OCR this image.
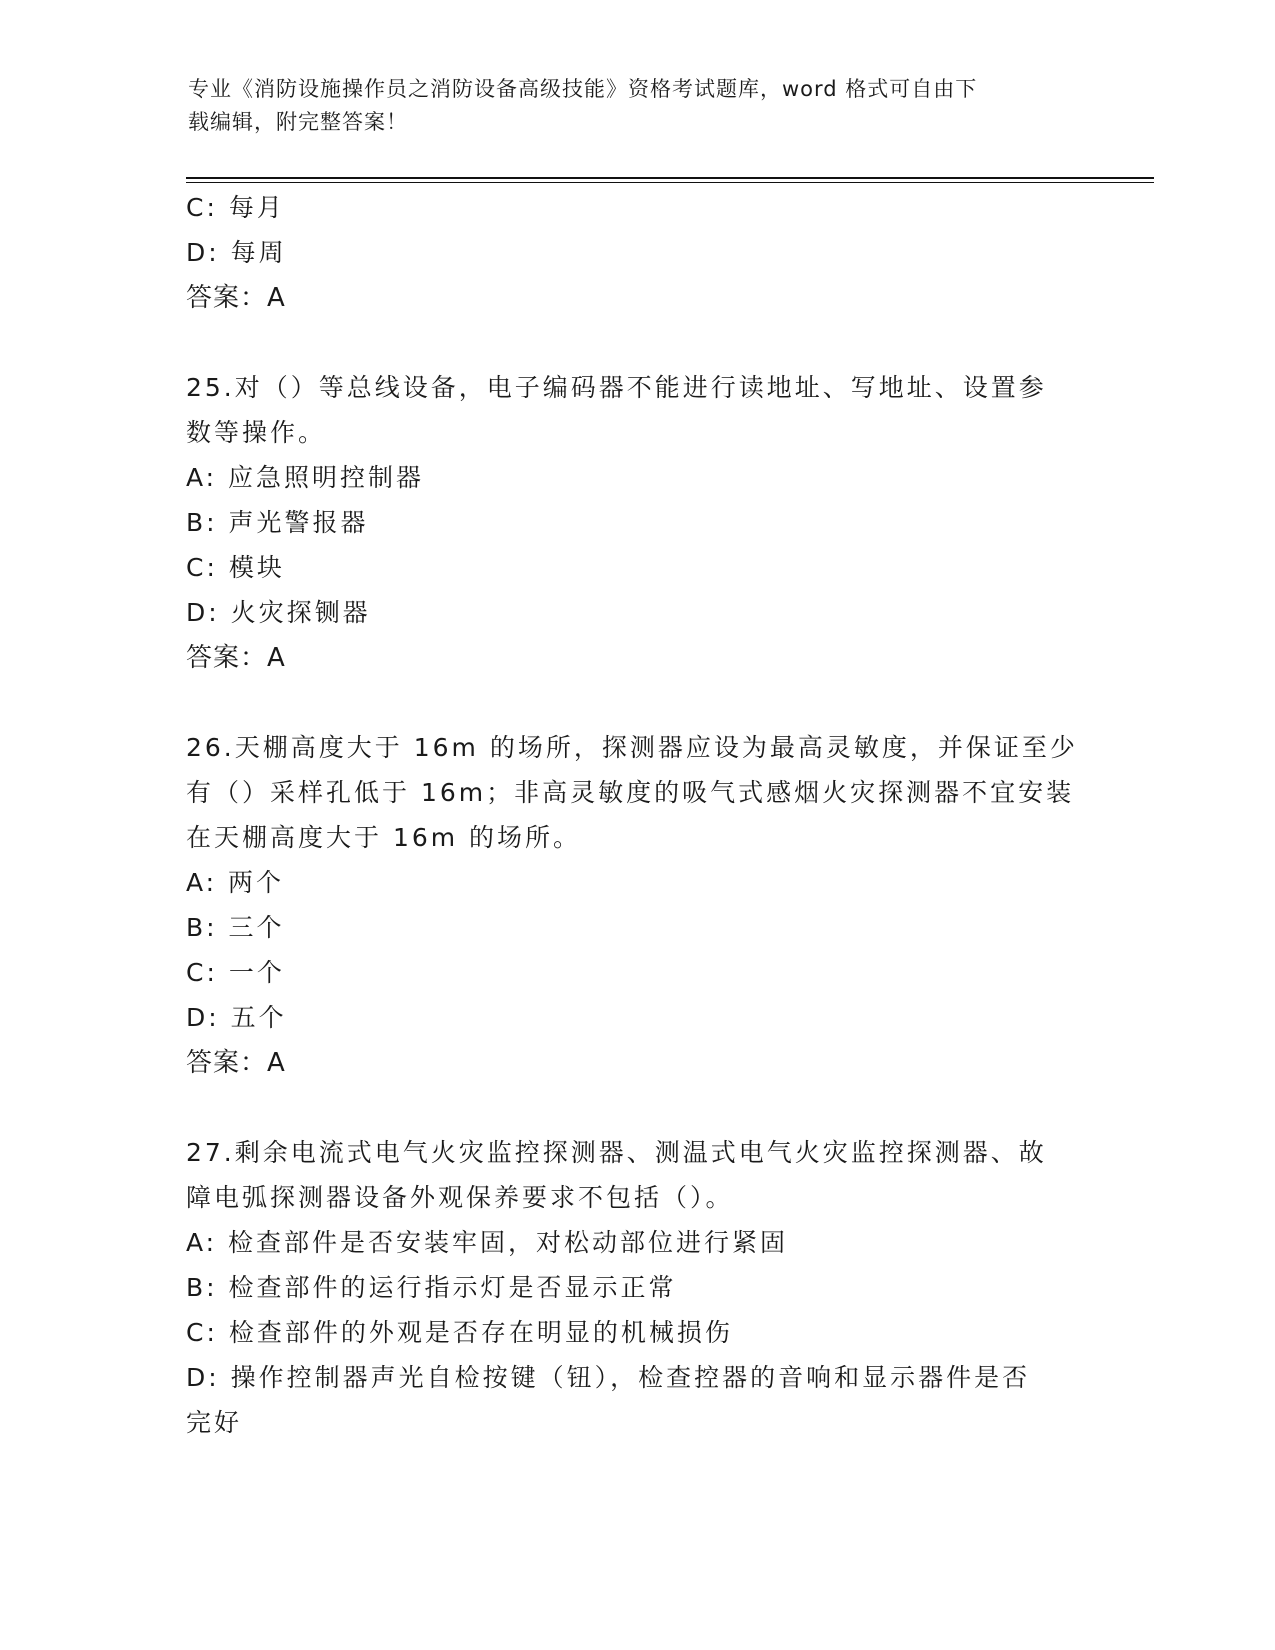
专业《消防设施操作员之消防设备高级技能》资格考试题库，word 格式可自由下
载编辑，附完整答案！
C: 每月
D: 每周
答案：A
25.对（）等总线设备，电子编码器不能进行读地址、写地址、设置参
数等操作。
A: 应急照明控制器
B: 声光警报器
C: 模块
D: 火灾探铡器
答案：A
26.天棚高度大于 16m 的场所，探测器应设为最高灵敏度，并保证至少
有（）采样孔低于 16m；非高灵敏度的吸气式感烟火灾探测器不宜安装
在天棚高度大于 16m 的场所。
A: 两个
B: 三个
C: 一个
D: 五个
答案：A
27.剩余电流式电气火灾监控探测器、测温式电气火灾监控探测器、故
障电弧探测器设备外观保养要求不包括（）。
A: 检查部件是否安装牢固，对松动部位进行紧固
B: 检查部件的运行指示灯是否显示正常
C: 检查部件的外观是否存在明显的机械损伤
D: 操作控制器声光自检按键（钮），检查控器的音响和显示器件是否
完好
